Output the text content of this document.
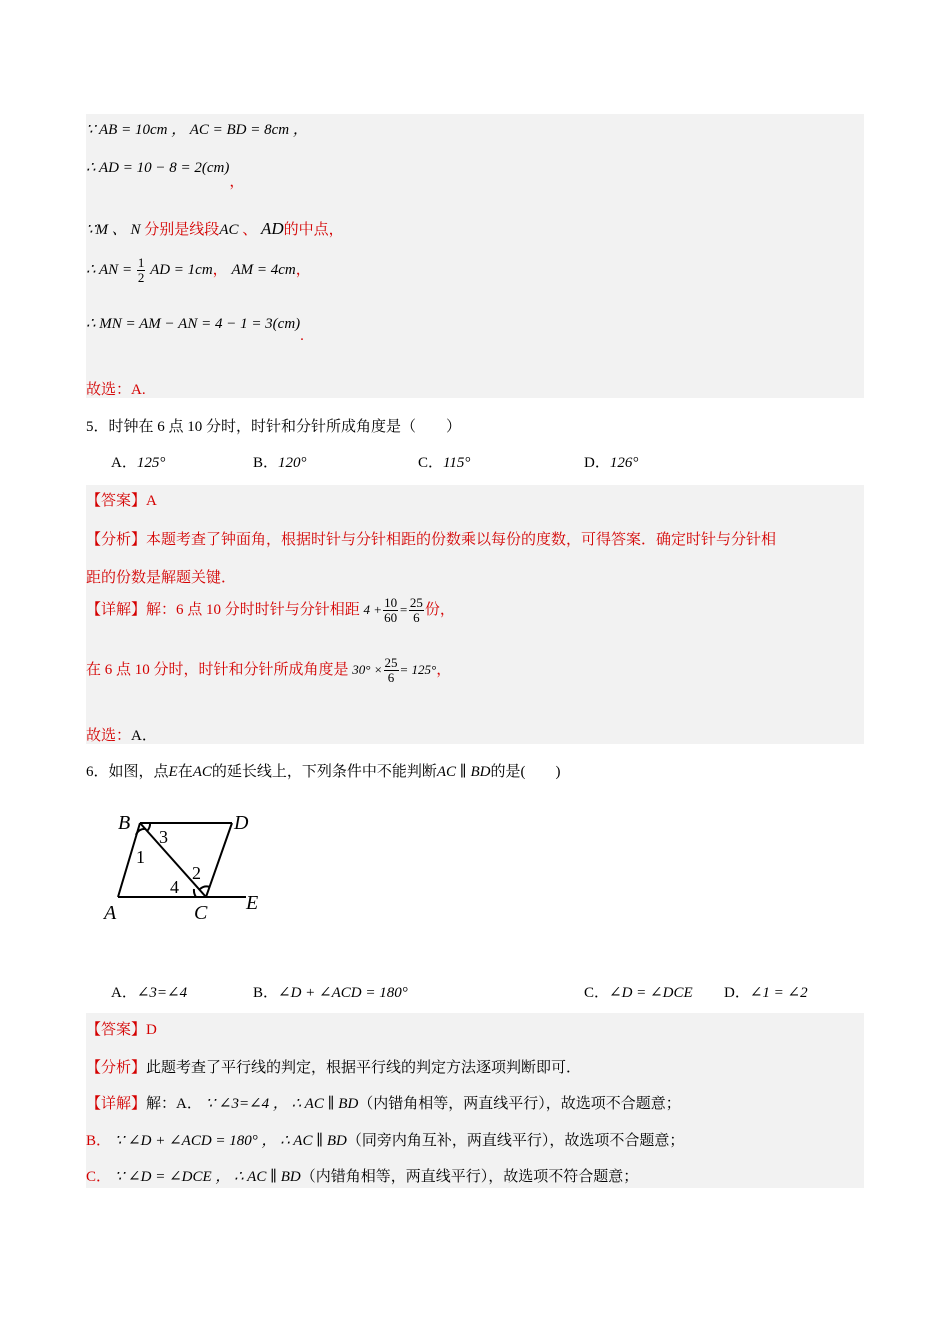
∵ AB = 10cm ， AC = BD = 8cm ，
∴ AD = 10 − 8 = 2(cm)，
∵M 、 N 分别是线段AC 、 AD的中点，
∴ AN = $\frac{1}{2}$ AD = 1cm， AM = 4cm，
∴ MN = AM − AN = 4 − 1 = 3(cm).
故选：A.
5．时钟在 6 点 10 分时，时针和分针所成角度是（　　）
A．125°	B．120°	C．115°	D．126°
【答案】A
【分析】本题考查了钟面角，根据时针与分针相距的份数乘以每份的度数，可得答案．确定时针与分针相
距的份数是解题关键．
【详解】解：6 点 10 分时时针与分针相距 $4 + \frac{10}{60} = \frac{25}{6}$ 份，
在 6 点 10 分时，时针和分针所成角度是 $30^\circ \times \frac{25}{6} = 125^\circ$，
故选：A．
6．如图，点E在AC的延长线上，下列条件中不能判断AC ∥ BD的是(　　)
B	D
A	C E
1
2
3
4
A．∠3=∠4	B．∠D + ∠ACD = 180°	C．∠D = ∠DCE D．∠1 = ∠2
【答案】D
【分析】此题考查了平行线的判定，根据平行线的判定方法逐项判断即可．
【详解】解：A． ∵ ∠3=∠4 ， ∴ AC ∥ BD（内错角相等，两直线平行），故选项不合题意；
B． ∵ ∠D + ∠ACD = 180° ， ∴ AC ∥ BD（同旁内角互补，两直线平行），故选项不合题意；
C． ∵ ∠D = ∠DCE ， ∴ AC ∥ BD（内错角相等，两直线平行），故选项不符合题意；
